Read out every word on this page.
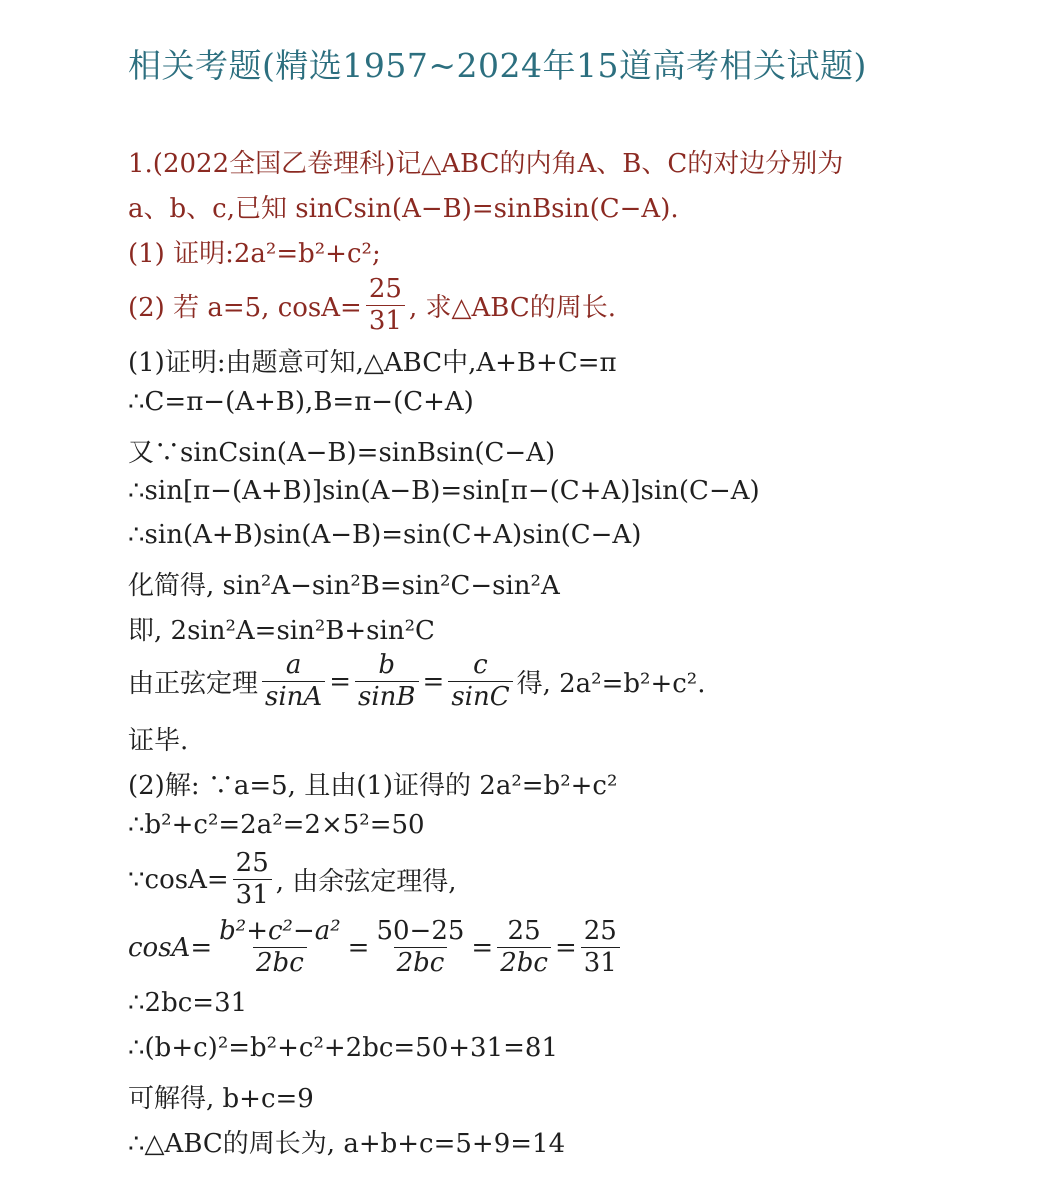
相关考题(精选1957~2024年15道高考相关试题)
1.(2022全国乙卷理科)记△ABC的内角A、B、C的对边分别为
a、b、c,已知 sinCsin(A−B)=sinBsin(C−A).
(1) 证明:2a²=b²+c²;
(2) 若 a=5, $\cos A= \frac{25}{31}$ , 求△ABC的周长.
(1)证明:由题意可知,△ABC中,A+B+C=π
∴C=π−(A+B),B=π−(C+A)
又∵sinCsin(A−B)=sinBsin(C−A)
∴sin[π−(A+B)]sin(A−B)=sin[π−(C+A)]sin(C−A)
∴sin(A+B)sin(A−B)=sin(C+A)sin(C−A)
化简得, sin²A−sin²B=sin²C−sin²A
即, 2sin²A=sin²B+sin²C
由正弦定理 $\frac{a}{\sin A} = \frac{b}{\sin B} = \frac{c}{\sin C}$ 得, 2a²=b²+c².
证毕.
(2)解: ∵a=5, 且由(1)证得的 2a²=b²+c²
∴b²+c²=2a²=2×5²=50
∵cosA= $\frac{25}{31}$ , 由余弦定理得,
$\cos A= \frac{\text{b²+c²−a²}}{2bc} = \frac{50-25}{2bc} = \frac{25}{2bc} = \frac{25}{31}$
∴2bc=31
∴(b+c)²=b²+c²+2bc=50+31=81
可解得, b+c=9
∴△ABC的周长为, a+b+c=5+9=14
